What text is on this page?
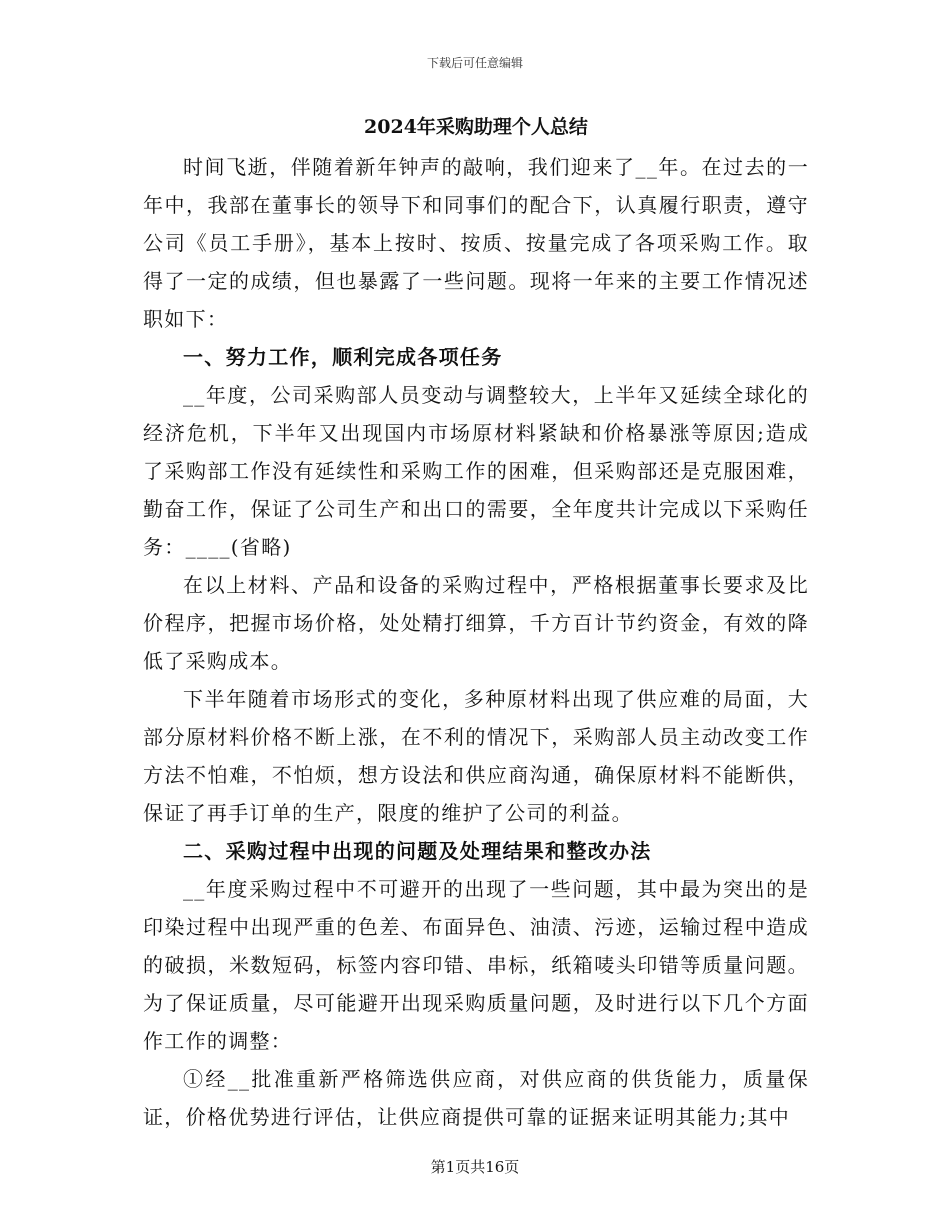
下载后可任意编辑
2024年采购助理个人总结

时间飞逝，伴随着新年钟声的敲响，我们迎来了__年。在过去的一年中，我部在董事长的领导下和同事们的配合下，认真履行职责，遵守公司《员工手册》，基本上按时、按质、按量完成了各项采购工作。取得了一定的成绩，但也暴露了一些问题。现将一年来的主要工作情况述职如下：

一、努力工作，顺利完成各项任务

__年度，公司采购部人员变动与调整较大，上半年又延续全球化的经济危机，下半年又出现国内市场原材料紧缺和价格暴涨等原因;造成了采购部工作没有延续性和采购工作的困难，但采购部还是克服困难，勤奋工作，保证了公司生产和出口的需要，全年度共计完成以下采购任务：____(省略)

在以上材料、产品和设备的采购过程中，严格根据董事长要求及比价程序，把握市场价格，处处精打细算，千方百计节约资金，有效的降低了采购成本。

下半年随着市场形式的变化，多种原材料出现了供应难的局面，大部分原材料价格不断上涨，在不利的情况下，采购部人员主动改变工作方法不怕难，不怕烦，想方设法和供应商沟通，确保原材料不能断供，保证了再手订单的生产，限度的维护了公司的利益。

二、采购过程中出现的问题及处理结果和整改办法

__年度采购过程中不可避开的出现了一些问题，其中最为突出的是印染过程中出现严重的色差、布面异色、油渍、污迹，运输过程中造成的破损，米数短码，标签内容印错、串标，纸箱唛头印错等质量问题。为了保证质量，尽可能避开出现采购质量问题，及时进行以下几个方面作工作的调整：

①经__批准重新严格筛选供应商，对供应商的供货能力，质量保证，价格优势进行评估，让供应商提供可靠的证据来证明其能力;其中

第1页共16页
